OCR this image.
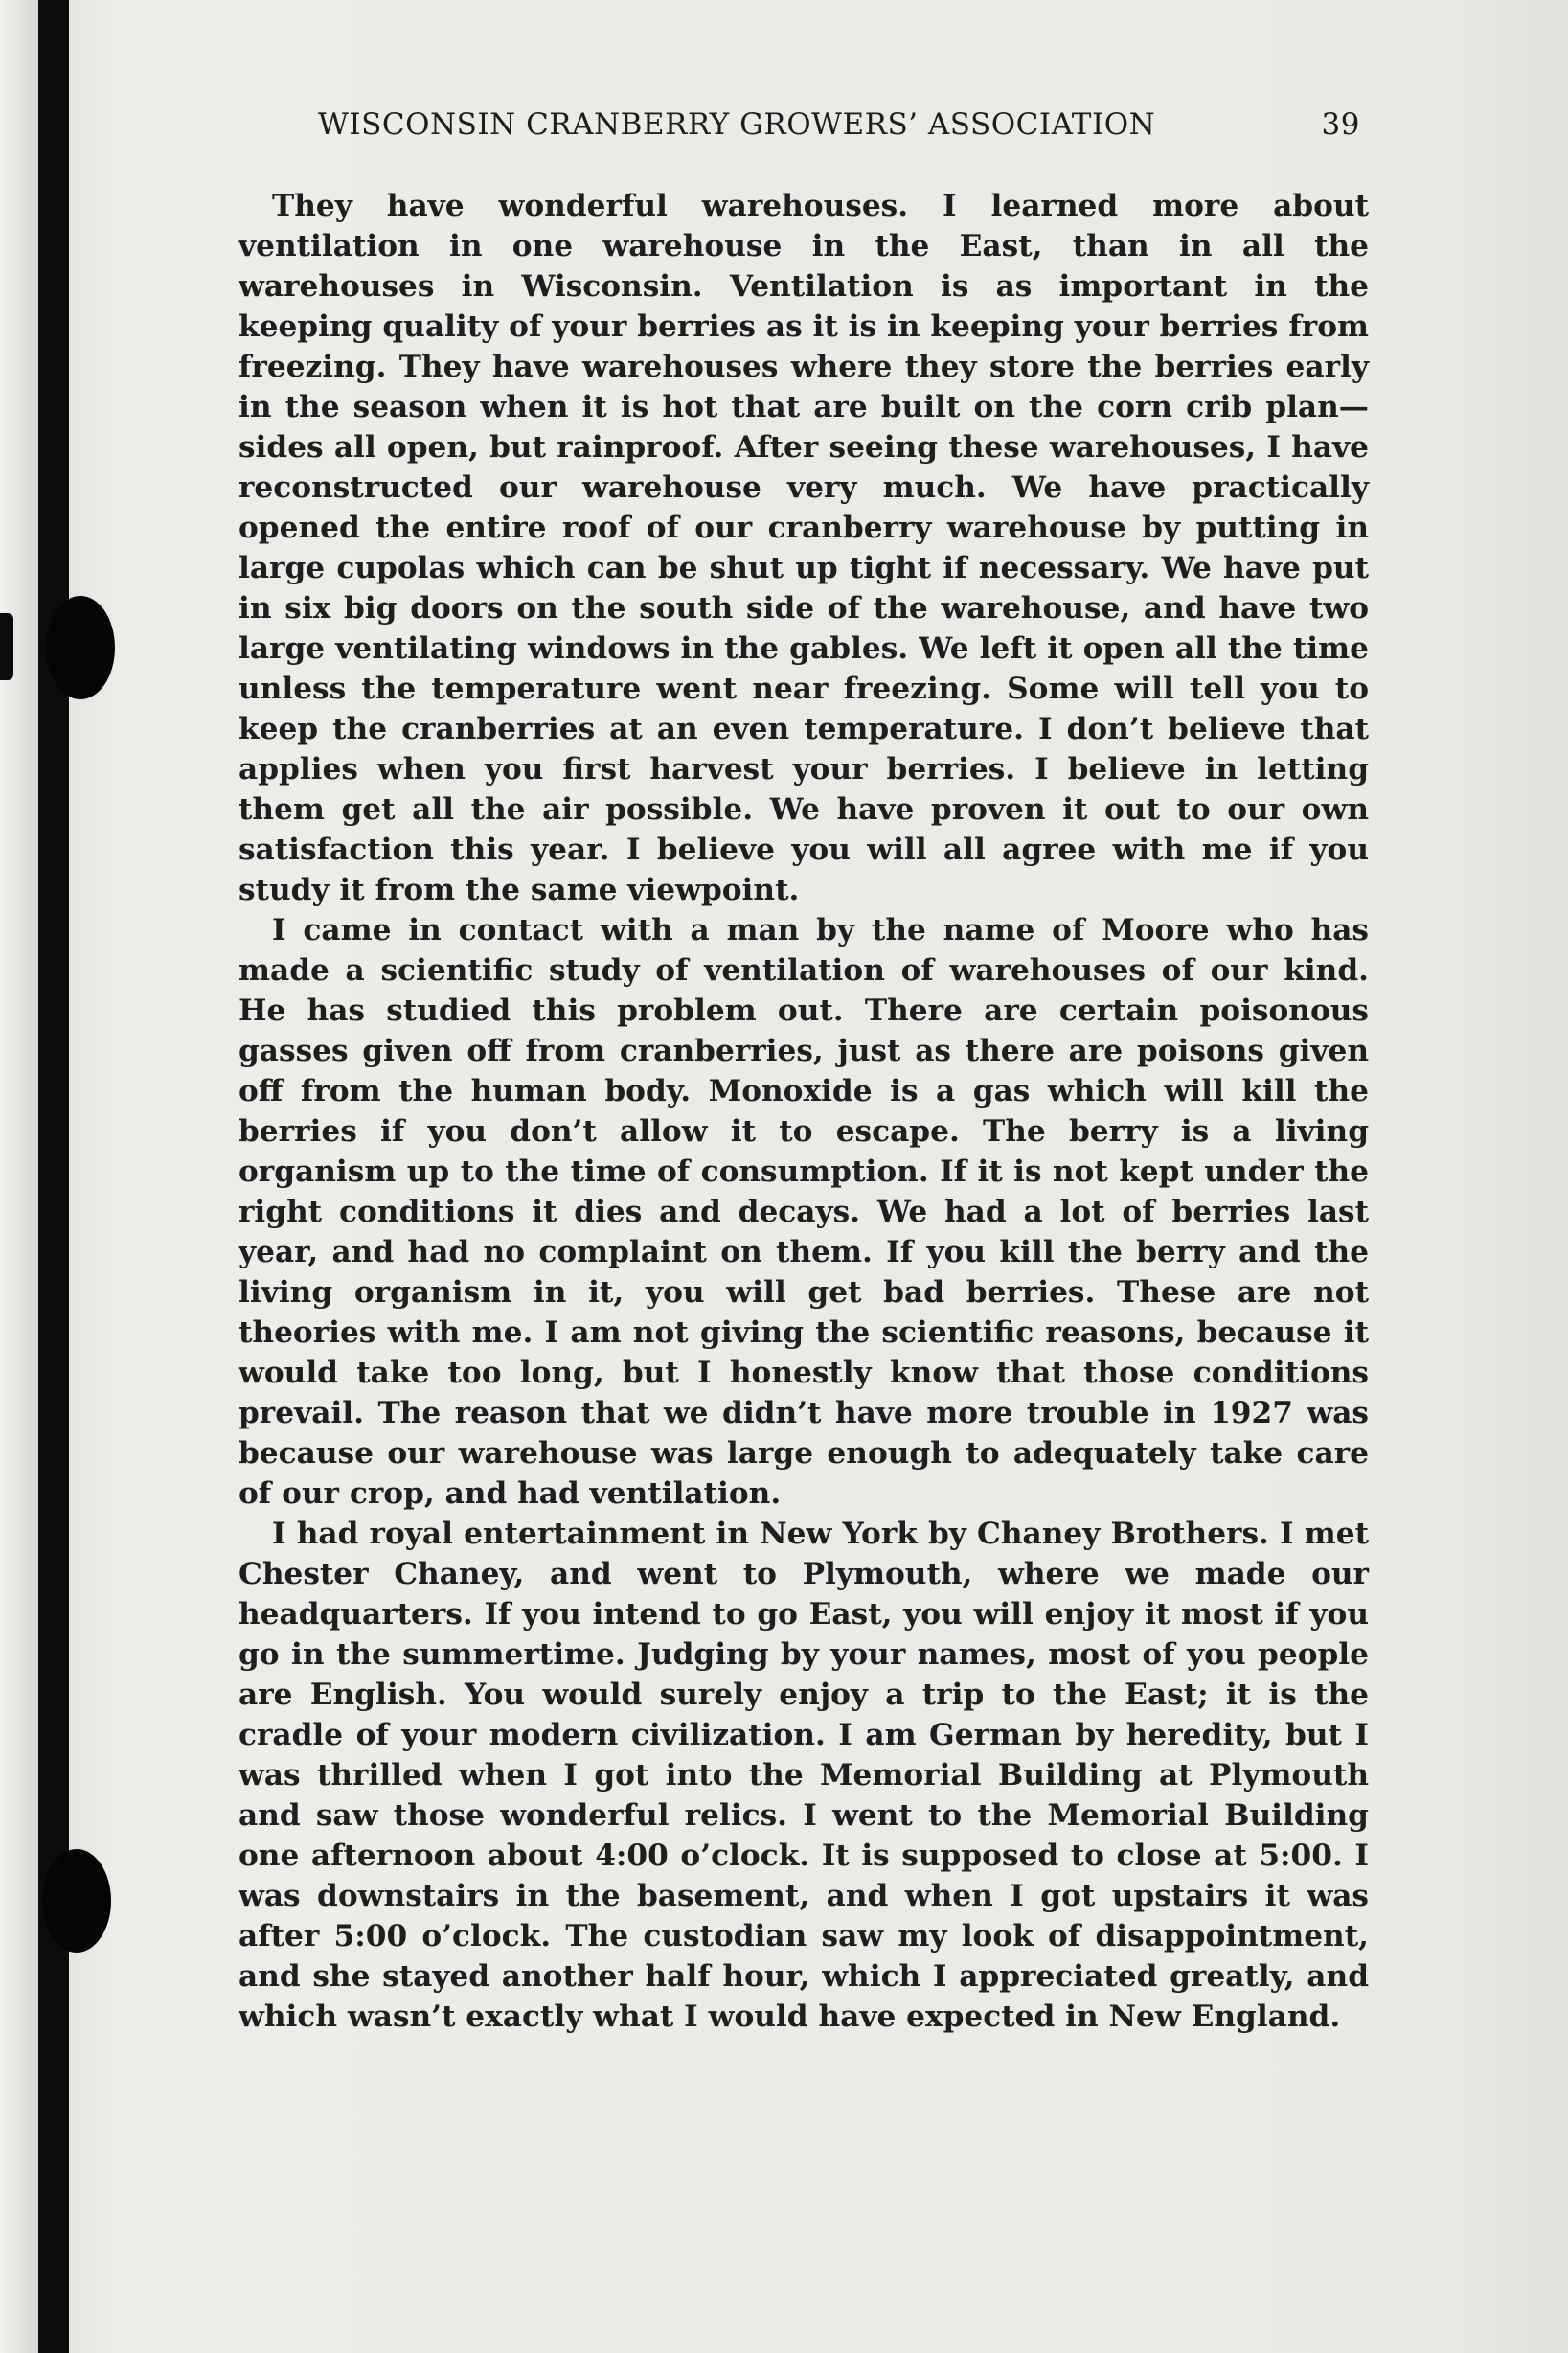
WISCONSIN CRANBERRY GROWERS’ ASSOCIATION	39

They have wonderful warehouses. I learned more about ventilation in one warehouse in the East, than in all the warehouses in Wisconsin. Ventilation is as important in the keeping quality of your berries as it is in keeping your berries from freezing. They have warehouses where they store the berries early in the season when it is hot that are built on the corn crib plan—sides all open, but rainproof. After seeing these warehouses, I have reconstructed our warehouse very much. We have practically opened the entire roof of our cranberry warehouse by putting in large cupolas which can be shut up tight if necessary. We have put in six big doors on the south side of the warehouse, and have two large ventilating windows in the gables. We left it open all the time unless the temperature went near freezing. Some will tell you to keep the cranberries at an even temperature. I don’t believe that applies when you first harvest your berries. I believe in letting them get all the air possible. We have proven it out to our own satisfaction this year. I believe you will all agree with me if you study it from the same viewpoint.

I came in contact with a man by the name of Moore who has made a scientific study of ventilation of warehouses of our kind. He has studied this problem out. There are certain poisonous gasses given off from cranberries, just as there are poisons given off from the human body. Monoxide is a gas which will kill the berries if you don’t allow it to escape. The berry is a living organism up to the time of consumption. If it is not kept under the right conditions it dies and decays. We had a lot of berries last year, and had no complaint on them. If you kill the berry and the living organism in it, you will get bad berries. These are not theories with me. I am not giving the scientific reasons, because it would take too long, but I honestly know that those conditions prevail. The reason that we didn’t have more trouble in 1927 was because our warehouse was large enough to adequately take care of our crop, and had ventilation.

I had royal entertainment in New York by Chaney Brothers. I met Chester Chaney, and went to Plymouth, where we made our headquarters. If you intend to go East, you will enjoy it most if you go in the summertime. Judging by your names, most of you people are English. You would surely enjoy a trip to the East; it is the cradle of your modern civilization. I am German by heredity, but I was thrilled when I got into the Memorial Building at Plymouth and saw those wonderful relics. I went to the Memorial Building one afternoon about 4:00 o’clock. It is supposed to close at 5:00. I was downstairs in the basement, and when I got upstairs it was after 5:00 o’clock. The custodian saw my look of disappointment, and she stayed another half hour, which I appreciated greatly, and which wasn’t exactly what I would have expected in New England.
